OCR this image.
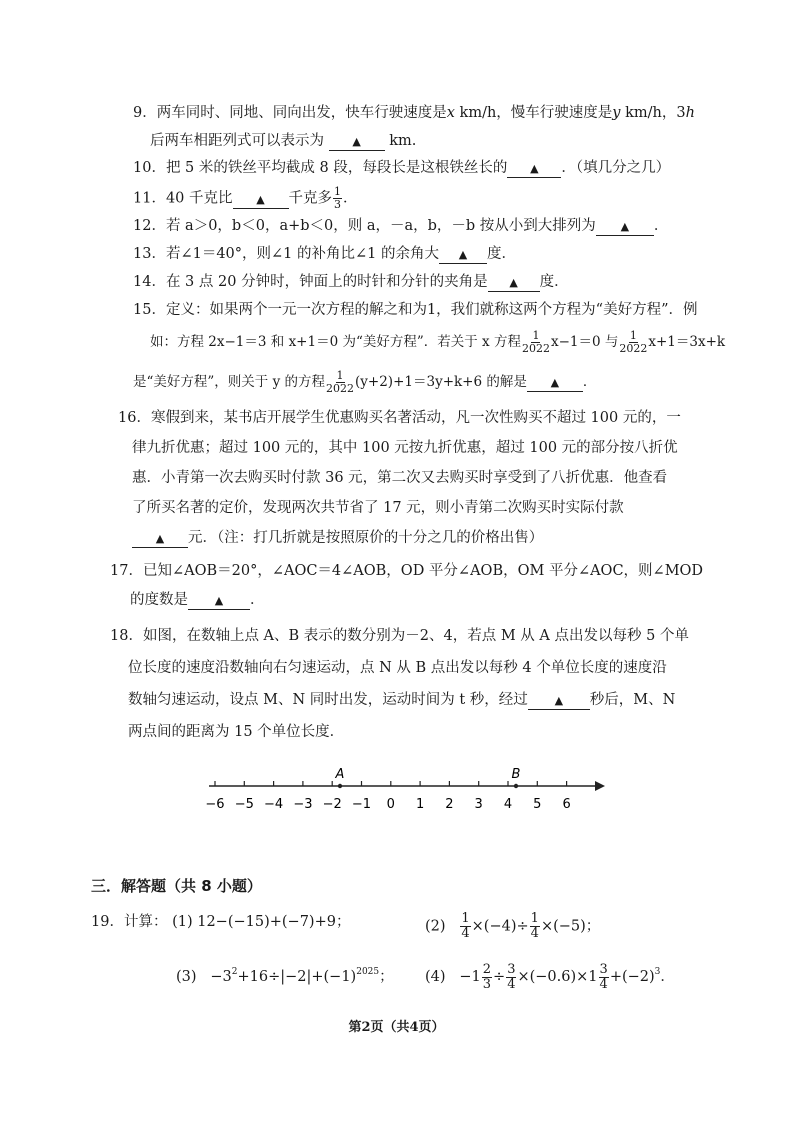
9．两车同时、同地、同向出发，快车行驶速度是x km/h，慢车行驶速度是y km/h，3h
后两车相距列式可以表示为	▲ km.
10．把 5 米的铁丝平均截成 8 段，每段长是这根铁丝长的 ▲ ．（填几分之几）
11．40 千克比 ▲ 千克多 $\frac{1}{3}$ ．
12．若 a＞0，b＜0，a+b＜0，则 a，－a，b，－b 按从小到大排列为 ▲ ．
13．若∠1＝40°，则∠1 的补角比∠1 的余角大 ▲ 度．
14．在 3 点 20 分钟时，钟面上的时针和分针的夹角是 ▲ 度．
15．定义：如果两个一元一次方程的解之和为1，我们就称这两个方程为“美好方程”．例
如：方程 2x−1＝3 和 x+1＝0 为“美好方程”．若关于 x 方程 $\frac{1}{2022} x-1=0$ 与 $\frac{1}{2022} x+1=3x+k$
是“美好方程”，则关于 y 的方程 $\frac{1}{2022} (y+2)+1=3y+k+6$ 的解是 ▲ ．
16．寒假到来，某书店开展学生优惠购买名著活动，凡一次性购买不超过 100 元的，一
律九折优惠；超过 100 元的，其中 100 元按九折优惠，超过 100 元的部分按八折优
惠．小青第一次去购买时付款 36 元，第二次又去购买时享受到了八折优惠．他查看
了所买名著的定价，发现两次共节省了 17 元，则小青第二次购买时实际付款
▲ 元．（注：打几折就是按照原价的十分之几的价格出售）
17．已知∠AOB＝20°，∠AOC＝4∠AOB，OD 平分∠AOB，OM 平分∠AOC，则∠MOD
的度数是 ▲ ．
18．如图，在数轴上点 A、B 表示的数分别为－2、4，若点 M 从 A 点出发以每秒 5 个单
位长度的速度沿数轴向右匀速运动，点 N 从 B 点出发以每秒 4 个单位长度的速度沿
数轴匀速运动，设点 M、N 同时出发，运动时间为 t 秒，经过 ▲ 秒后，M、N
两点间的距离为 15 个单位长度．
−6 −5 −4 −3 −2 −1 0 1 2 3 4 5 6
A	B
三．解答题（共 8 小题）
19．计算： (1) 12−(−15)+(−7)+9；	$(2) \frac{1}{4} \times(-4)\div \frac{1}{4} \times(-5)$；
$(3) -3^2+16\div|-2|+(-1)^{2025}$； $(4) -1 \frac{2}{3} \div \frac{3}{4} \times(-0.6)\times 1 \frac{3}{4} +(-2)^3$．
第2页（共4页）
